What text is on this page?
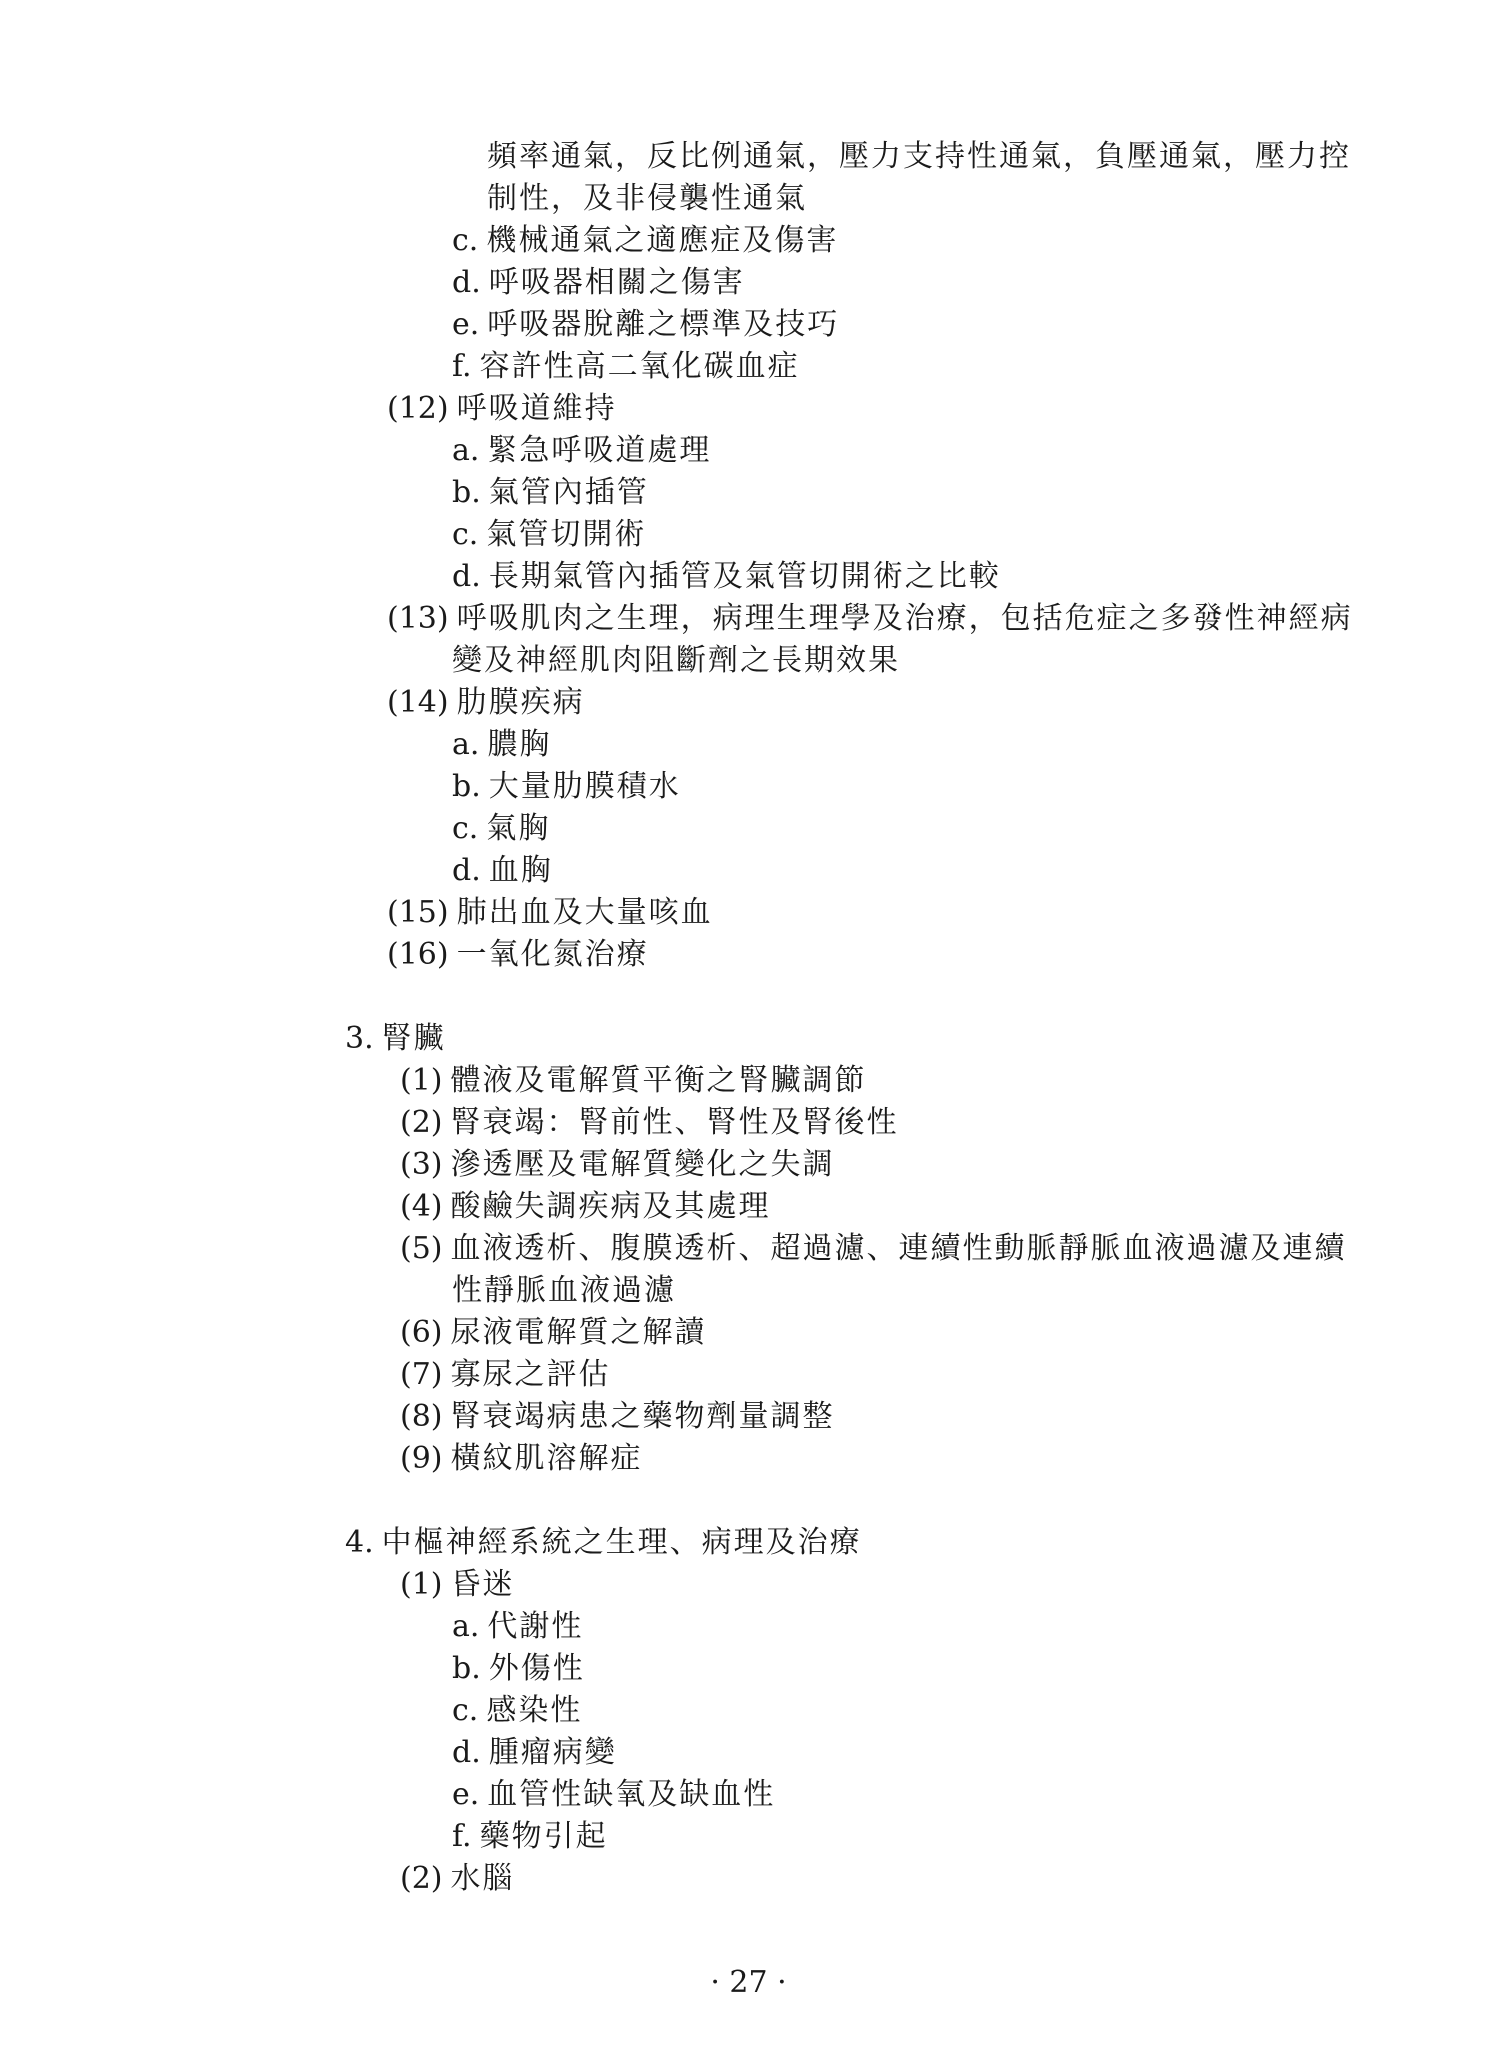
頻率通氣，反比例通氣，壓力支持性通氣，負壓通氣，壓力控
制性，及非侵襲性通氣
c. 機械通氣之適應症及傷害
d. 呼吸器相關之傷害
e. 呼吸器脫離之標準及技巧
f. 容許性高二氧化碳血症
(12) 呼吸道維持
a. 緊急呼吸道處理
b. 氣管內插管
c. 氣管切開術
d. 長期氣管內插管及氣管切開術之比較
(13) 呼吸肌肉之生理，病理生理學及治療，包括危症之多發性神經病
變及神經肌肉阻斷劑之長期效果
(14) 肋膜疾病
a. 膿胸
b. 大量肋膜積水
c. 氣胸
d. 血胸
(15) 肺出血及大量咳血
(16) 一氧化氮治療
3. 腎臟
(1) 體液及電解質平衡之腎臟調節
(2) 腎衰竭：腎前性、腎性及腎後性
(3) 滲透壓及電解質變化之失調
(4) 酸鹼失調疾病及其處理
(5) 血液透析、腹膜透析、超過濾、連續性動脈靜脈血液過濾及連續
性靜脈血液過濾
(6) 尿液電解質之解讀
(7) 寡尿之評估
(8) 腎衰竭病患之藥物劑量調整
(9) 橫紋肌溶解症
4. 中樞神經系統之生理、病理及治療
(1) 昏迷
a. 代謝性
b. 外傷性
c. 感染性
d. 腫瘤病變
e. 血管性缺氧及缺血性
f. 藥物引起
(2) 水腦
· 27 ·
